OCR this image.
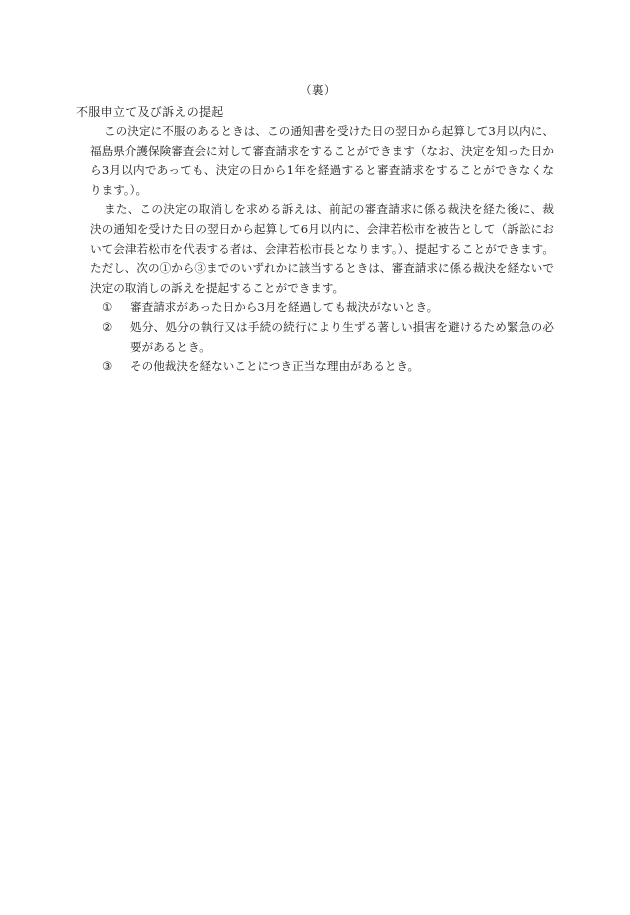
（裏）
不服申立て及び訴えの提起

この決定に不服のあるときは、この通知書を受けた日の翌日から起算して3月以内に、福島県介護保険審査会に対して審査請求をすることができます（なお、決定を知った日から3月以内であっても、決定の日から1年を経過すると審査請求をすることができなくなります。）。

また、この決定の取消しを求める訴えは、前記の審査請求に係る裁決を経た後に、裁決の通知を受けた日の翌日から起算して6月以内に、会津若松市を被告として（訴訟において会津若松市を代表する者は、会津若松市長となります。）、提起することができます。ただし、次の①から③までのいずれかに該当するときは、審査請求に係る裁決を経ないで決定の取消しの訴えを提起することができます。

①	審査請求があった日から3月を経過しても裁決がないとき。
②	処分、処分の執行又は手続の続行により生ずる著しい損害を避けるため緊急の必要があるとき。
③	その他裁決を経ないことにつき正当な理由があるとき。
